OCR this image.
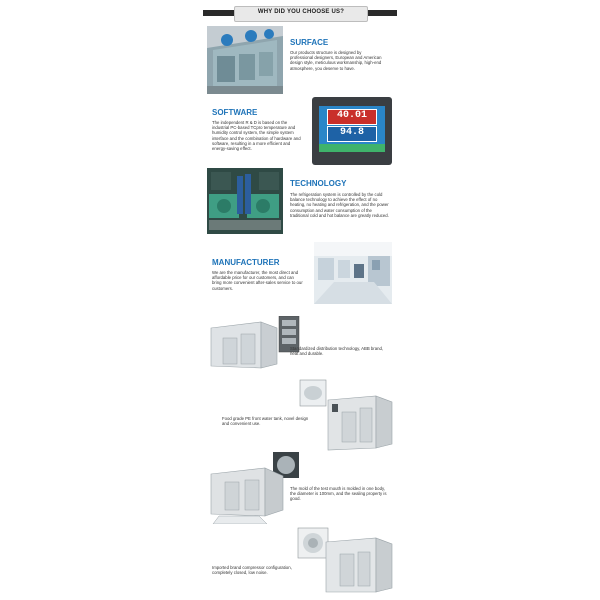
WHY DID YOU CHOOSE US?
SURFACE
Our products structure is designed by professional designers, European and American design style, meticulous workmanship, high-end atmosphere, you deserve to have.
SOFTWARE
The independent R & D is based on the industrial PC-based TCpro temperature and humidity control system, the simple system interface and the combination of hardware and software, resulting in a more efficient and energy-saving effect.
40.01
94.8
TECHNOLOGY
The refrigeration system is controlled by the cold balance technology to achieve the effect of no heating, no heating and refrigeration, and the power consumption and water consumption of the traditional cold and hot balance are greatly reduced.
MANUFACTURER
We are the manufacturer, the most direct and affordable price for our customers, and can bring more convenient after-sales service to our customers.
Standardized distribution technology, ABB brand, neat and durable.
Food grade PE front water tank, novel design and convenient use.
The mold of the test mouth is molded in one body, the diameter is 100mm, and the sealing property is good.
Imported brand compressor configuration, completely closed, low noise.
